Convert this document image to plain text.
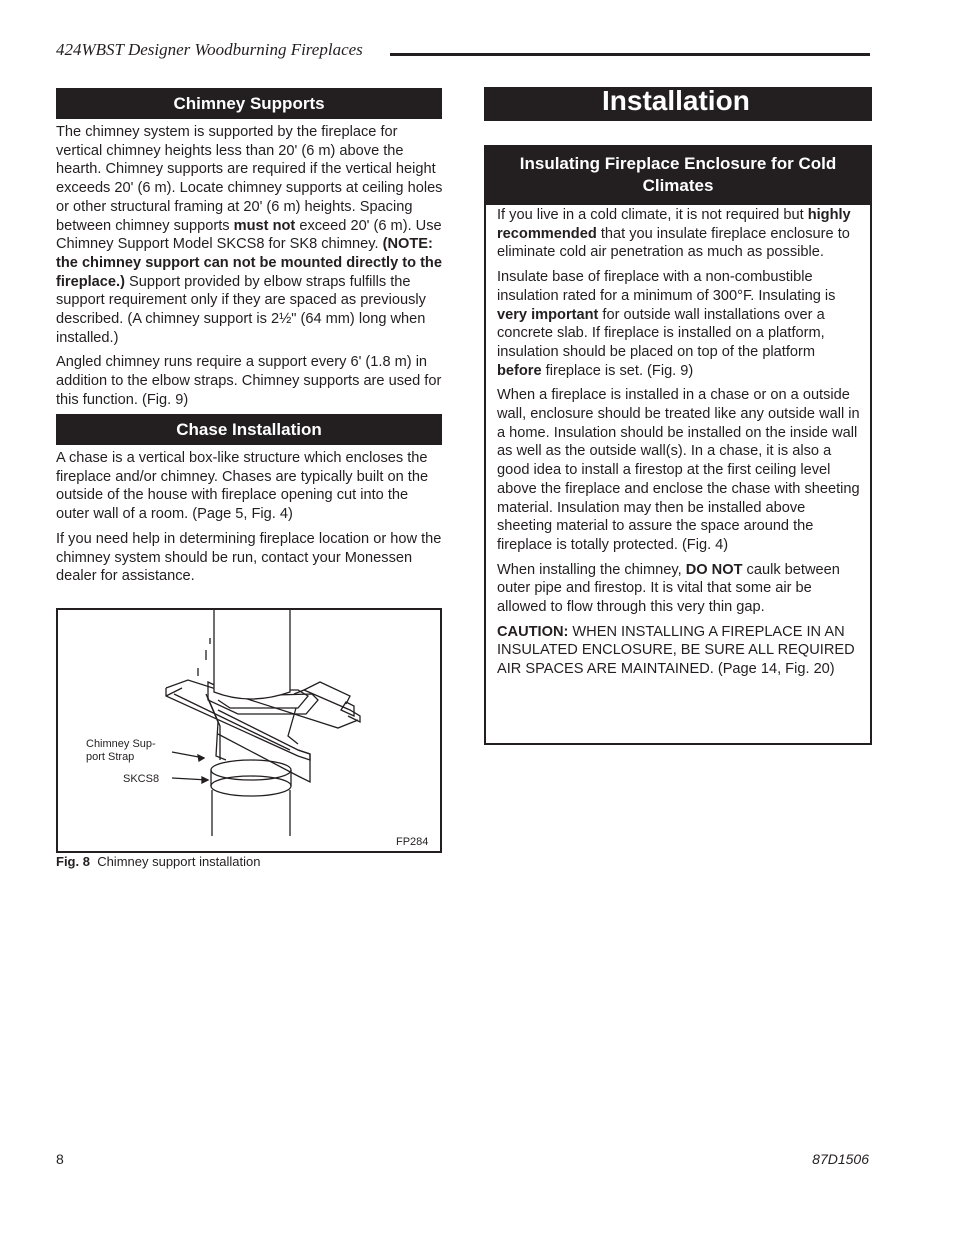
424WBST Designer Woodburning Fireplaces
Chimney Supports

The chimney system is supported by the fireplace for vertical chimney heights less than 20' (6 m) above the hearth. Chimney supports are required if the vertical height exceeds 20' (6 m). Locate chimney supports at ceiling holes or other structural framing at 20' (6 m) heights. Spacing between chimney supports must not exceed 20' (6 m). Use Chimney Support Model SKCS8 for SK8 chimney. (NOTE: the chimney support can not be mounted directly to the fireplace.) Support provided by elbow straps fulfills the support requirement only if they are spaced as previously described. (A chimney support is 2½" (64 mm) long when installed.)

Angled chimney runs require a support every 6' (1.8 m) in addition to the elbow straps. Chimney supports are used for this function. (Fig. 9)

Chase Installation

A chase is a vertical box-like structure which encloses the fireplace and/or chimney. Chases are typically built on the outside of the house with fireplace opening cut into the outer wall of a room. (Page 5, Fig. 4)

If you need help in determining fireplace location or how the chimney system should be run, contact your Monessen dealer for assistance.

Chimney Sup-
port Strap
SKCS8
FP284
Fig. 8 Chimney support installation
Installation
Insulating Fireplace Enclosure for Cold Climates

If you live in a cold climate, it is not required but highly recommended that you insulate fireplace enclosure to eliminate cold air penetration as much as possible.

Insulate base of fireplace with a non-combustible insulation rated for a minimum of 300°F. Insulating is very important for outside wall installations over a concrete slab. If fireplace is installed on a platform, insulation should be placed on top of the platform before fireplace is set. (Fig. 9)

When a fireplace is installed in a chase or on a outside wall, enclosure should be treated like any outside wall in a home. Insulation should be installed on the inside wall as well as the outside wall(s). In a chase, it is also a good idea to install a firestop at the first ceiling level above the fireplace and enclose the chase with sheeting material. Insulation may then be installed above sheeting material to assure the space around the fireplace is totally protected. (Fig. 4)

When installing the chimney, DO NOT caulk between outer pipe and firestop. It is vital that some air be allowed to flow through this very thin gap.

CAUTION: WHEN INSTALLING A FIREPLACE IN AN INSULATED ENCLOSURE, BE SURE ALL REQUIRED AIR SPACES ARE MAINTAINED. (Page 14, Fig. 20)

8	87D1506
